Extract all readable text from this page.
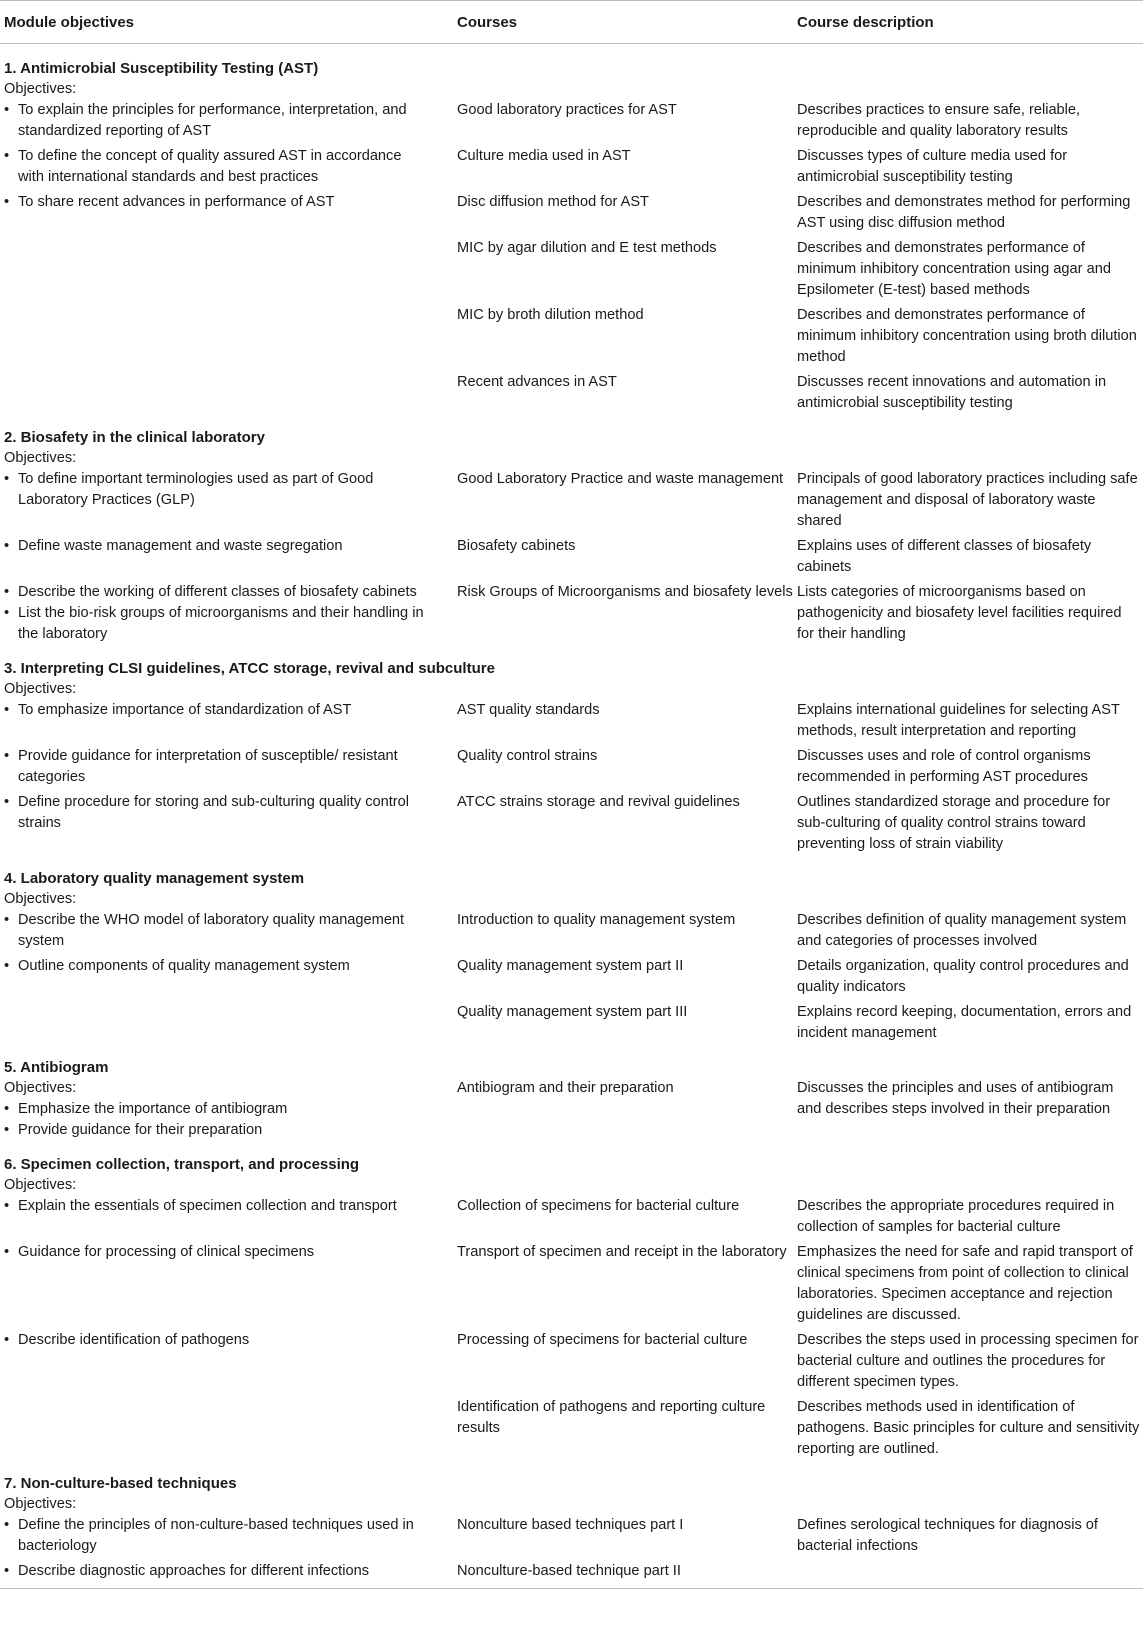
Module objectives	Courses	Course description
1. Antimicrobial Susceptibility Testing (AST)		
Objectives:		

• To explain the principles for performance, interpretation, and standardized reporting of AST	Good laboratory practices for AST	Describes practices to ensure safe, reliable, reproducible and quality laboratory results

• To define the concept of quality assured AST in accordance with international standards and best practices	Culture media used in AST	Discusses types of culture media used for antimicrobial susceptibility testing

• To share recent advances in performance of AST	Disc diffusion method for AST	Describes and demonstrates method for performing AST using disc diffusion method
	MIC by agar dilution and E test methods	Describes and demonstrates performance of minimum inhibitory concentration using agar and Epsilometer (E-test) based methods
	MIC by broth dilution method	Describes and demonstrates performance of minimum inhibitory concentration using broth dilution method
	Recent advances in AST	Discusses recent innovations and automation in antimicrobial susceptibility testing
2. Biosafety in the clinical laboratory		
Objectives:		

• To define important terminologies used as part of Good Laboratory Practices (GLP)	Good Laboratory Practice and waste management	Principals of good laboratory practices including safe management and disposal of laboratory waste shared

• Define waste management and waste segregation	Biosafety cabinets	Explains uses of different classes of biosafety cabinets

• Describe the working of different classes of biosafety cabinets
• List the bio-risk groups of microorganisms and their handling in the laboratory	Risk Groups of Microorganisms and biosafety levels	Lists categories of microorganisms based on pathogenicity and biosafety level facilities required for their handling
3. Interpreting CLSI guidelines, ATCC storage, revival and subculture		
Objectives:		

• To emphasize importance of standardization of AST	AST quality standards	Explains international guidelines for selecting AST methods, result interpretation and reporting

• Provide guidance for interpretation of susceptible/ resistant categories	Quality control strains	Discusses uses and role of control organisms recommended in performing AST procedures

• Define procedure for storing and sub-culturing quality control strains	ATCC strains storage and revival guidelines	Outlines standardized storage and procedure for sub-culturing of quality control strains toward preventing loss of strain viability
4. Laboratory quality management system		
Objectives:		

• Describe the WHO model of laboratory quality management system	Introduction to quality management system	Describes definition of quality management system and categories of processes involved

• Outline components of quality management system	Quality management system part II	Details organization, quality control procedures and quality indicators
	Quality management system part III	Explains record keeping, documentation, errors and incident management
5. Antibiogram		
Objectives:
• Emphasize the importance of antibiogram
• Provide guidance for their preparation	Antibiogram and their preparation	Discusses the principles and uses of antibiogram and describes steps involved in their preparation
6. Specimen collection, transport, and processing		
Objectives:		

• Explain the essentials of specimen collection and transport	Collection of specimens for bacterial culture	Describes the appropriate procedures required in collection of samples for bacterial culture

• Guidance for processing of clinical specimens	Transport of specimen and receipt in the laboratory	Emphasizes the need for safe and rapid transport of clinical specimens from point of collection to clinical laboratories. Specimen acceptance and rejection guidelines are discussed.

• Describe identification of pathogens	Processing of specimens for bacterial culture	Describes the steps used in processing specimen for bacterial culture and outlines the procedures for different specimen types.
	Identification of pathogens and reporting culture results	Describes methods used in identification of pathogens. Basic principles for culture and sensitivity reporting are outlined.
7. Non-culture-based techniques		
Objectives:		

• Define the principles of non-culture-based techniques used in bacteriology	Nonculture based techniques part I	Defines serological techniques for diagnosis of bacterial infections

• Describe diagnostic approaches for different infections	Nonculture-based technique part II	
